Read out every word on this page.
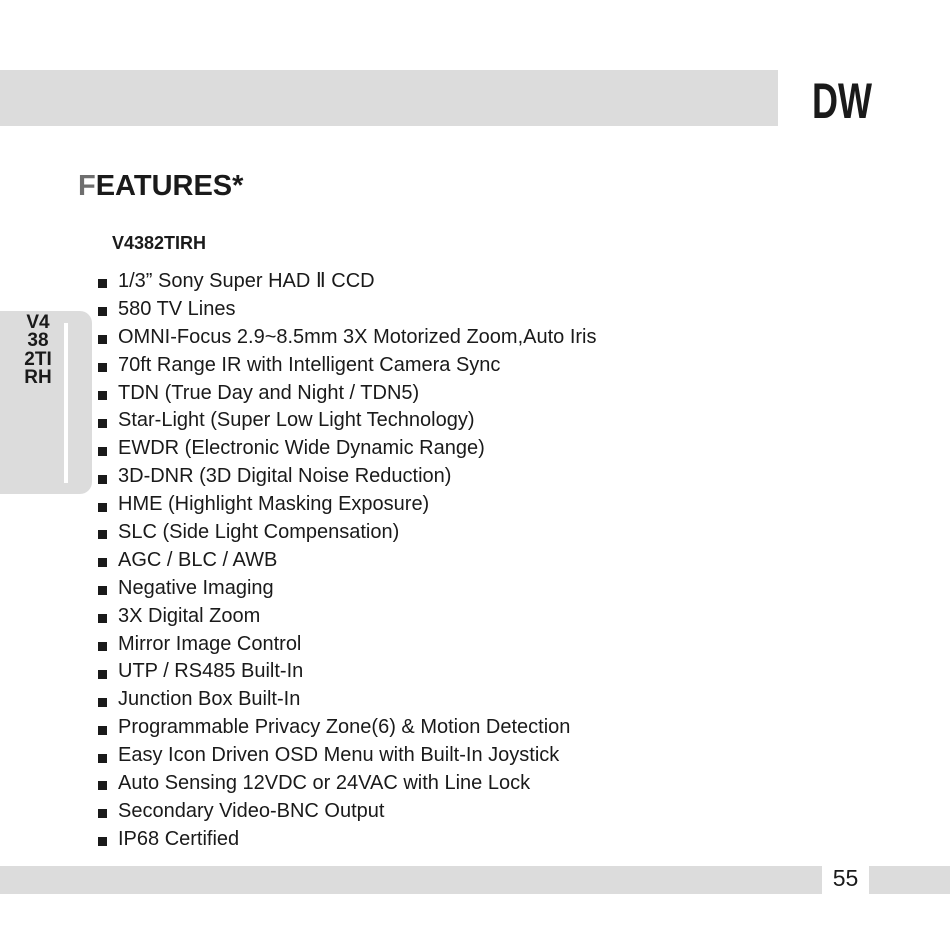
DW
FEATURES*

V4382TIRH

V4382TIRH

1/3” Sony Super HAD Ⅱ CCD
580 TV Lines
OMNI-Focus 2.9~8.5mm 3X Motorized Zoom,Auto Iris
70ft Range IR with Intelligent Camera Sync
TDN (True Day and Night / TDN5)
Star-Light (Super Low Light Technology)
EWDR (Electronic Wide Dynamic Range)
3D-DNR (3D Digital Noise Reduction)
HME (Highlight Masking Exposure)
SLC (Side Light Compensation)
AGC / BLC / AWB
Negative Imaging
3X Digital Zoom
Mirror Image Control
UTP / RS485 Built-In
Junction Box Built-In
Programmable Privacy Zone(6) & Motion Detection
Easy Icon Driven OSD Menu with Built-In Joystick
Auto Sensing 12VDC or 24VAC with Line Lock
Secondary Video-BNC Output
IP68 Certified

55
